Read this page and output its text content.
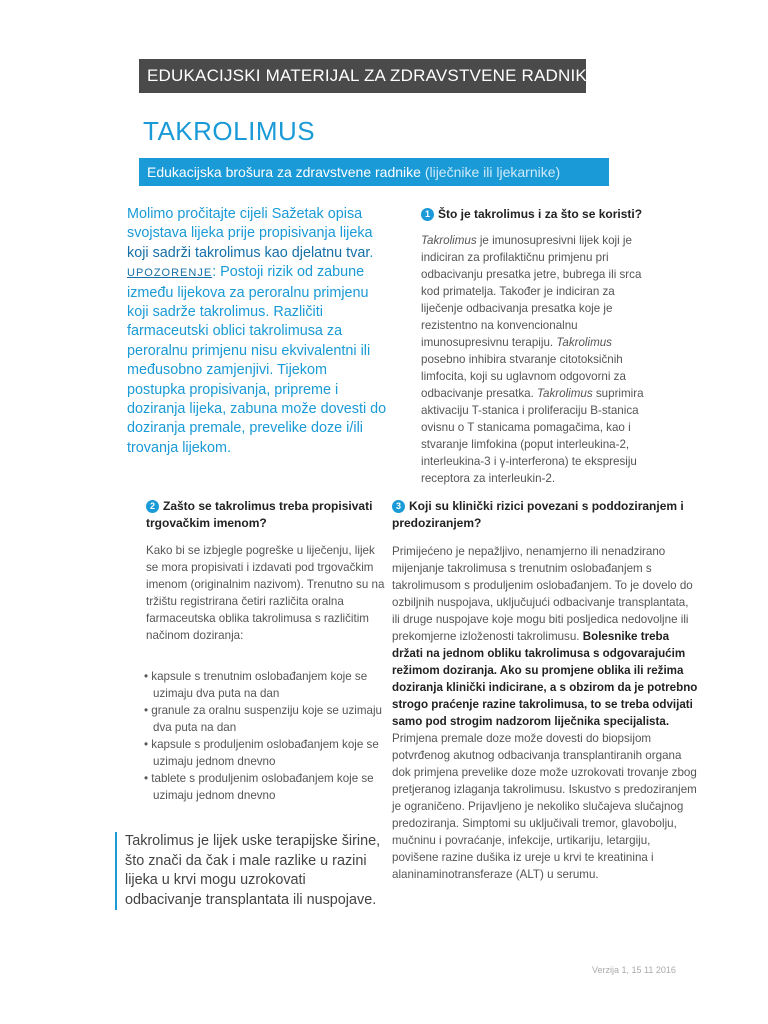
EDUKACIJSKI MATERIJAL ZA ZDRAVSTVENE RADNIKE
TAKROLIMUS
Edukacijska brošura za zdravstvene radnike (liječnike ili ljekarnike)
Molimo pročitajte cijeli Sažetak opisa svojstava lijeka prije propisivanja lijeka koji sadrži takrolimus kao djelatnu tvar. UPOZORENJE: Postoji rizik od zabune između lijekova za peroralnu primjenu koji sadrže takrolimus. Različiti farmaceutski oblici takrolimusa za peroralnu primjenu nisu ekvivalentni ili međusobno zamjenjivi. Tijekom postupka propisivanja, pripreme i doziranja lijeka, zabuna može dovesti do doziranja premale, prevelike doze i/ili trovanja lijekom.
1 Što je takrolimus i za što se koristi?
Takrolimus je imunosupresivni lijek koji je indiciran za profilaktičnu primjenu pri odbacivanju presatka jetre, bubrega ili srca kod primatelja. Također je indiciran za liječenje odbacivanja presatka koje je rezistentno na konvencionalnu imunosupresivnu terapiju. Takrolimus posebno inhibira stvaranje citotoksičnih limfocita, koji su uglavnom odgovorni za odbacivanje presatka. Takrolimus suprimira aktivaciju T-stanica i proliferaciju B-stanica ovisnu o T stanicama pomagačima, kao i stvaranje limfokina (poput interleukina-2, interleukina-3 i γ-interferona) te ekspresiju receptora za interleukin-2.
2 Zašto se takrolimus treba propisivati trgovačkim imenom?
Kako bi se izbjegle pogreške u liječenju, lijek se mora propisivati i izdavati pod trgovačkim imenom (originalnim nazivom). Trenutno su na tržištu registrirana četiri različita oralna farmaceutska oblika takrolimusa s različitim načinom doziranja:
• kapsule s trenutnim oslobađanjem koje se uzimaju dva puta na dan
• granule za oralnu suspenziju koje se uzimaju dva puta na dan
• kapsule s produljenim oslobađanjem koje se uzimaju jednom dnevno
• tablete s produljenim oslobađanjem koje se uzimaju jednom dnevno
3 Koji su klinički rizici povezani s poddoziranjem i predoziranjem?
Primijećeno je nepažljivo, nenamjerno ili nenadzirano mijenjanje takrolimusa s trenutnim oslobađanjem s takrolimusom s produljenim oslobađanjem. To je dovelo do ozbiljnih nuspojava, uključujući odbacivanje transplantata, ili druge nuspojave koje mogu biti posljedica nedovoljne ili prekomjerne izloženosti takrolimusu. Bolesnike treba držati na jednom obliku takrolimusa s odgovarajućim režimom doziranja. Ako su promjene oblika ili režima doziranja klinički indicirane, a s obzirom da je potrebno strogo praćenje razine takrolimusa, to se treba odvijati samo pod strogim nadzorom liječnika specijalista. Primjena premale doze može dovesti do biopsijom potvrđenog akutnog odbacivanja transplantiranih organa dok primjena prevelike doze može uzrokovati trovanje zbog pretjeranog izlaganja takrolimusu. Iskustvo s predoziranjem je ograničeno. Prijavljeno je nekoliko slučajeva slučajnog predoziranja. Simptomi su uključivali tremor, glavobolju, mučninu i povraćanje, infekcije, urtikariju, letargiju, povišene razine dušika iz ureje u krvi te kreatinina i alaninaminotransferaze (ALT) u serumu.
Takrolimus je lijek uske terapijske širine, što znači da čak i male razlike u razini lijeka u krvi mogu uzrokovati odbacivanje transplantata ili nuspojave.
Verzija 1, 15 11 2016
